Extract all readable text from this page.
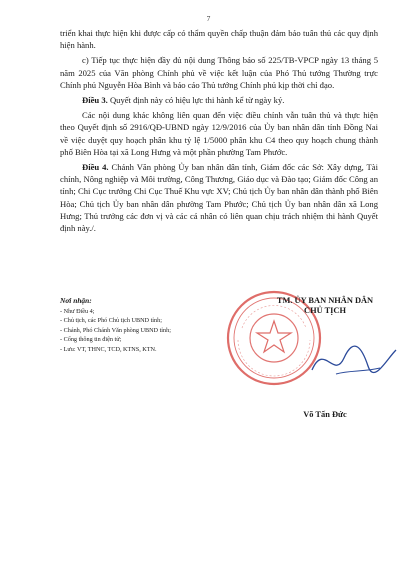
7

triển khai thực hiện khi được cấp có thẩm quyền chấp thuận đảm bảo tuân thủ các quy định hiện hành.

c) Tiếp tục thực hiện đầy đủ nội dung Thông báo số 225/TB-VPCP ngày 13 tháng 5 năm 2025 của Văn phòng Chính phủ về việc kết luận của Phó Thủ tướng Thường trực Chính phủ Nguyễn Hòa Bình và báo cáo Thủ tướng Chính phủ kịp thời chỉ đạo.

Điều 3. Quyết định này có hiệu lực thi hành kể từ ngày ký.

Các nội dung khác không liên quan đến việc điều chỉnh vẫn tuân thủ và thực hiện theo Quyết định số 2916/QĐ-UBND ngày 12/9/2016 của Ủy ban nhân dân tỉnh Đồng Nai về việc duyệt quy hoạch phân khu tỷ lệ 1/5000 phân khu C4 theo quy hoạch chung thành phố Biên Hòa tại xã Long Hưng và một phần phường Tam Phước.

Điều 4. Chánh Văn phòng Ủy ban nhân dân tỉnh, Giám đốc các Sở: Xây dựng, Tài chính, Nông nghiệp và Môi trường, Công Thương, Giáo dục và Đào tạo; Giám đốc Công an tỉnh; Chi Cục trưởng Chi Cục Thuế Khu vực XV; Chủ tịch Ủy ban nhân dân thành phố Biên Hòa; Chủ tịch Ủy ban nhân dân phường Tam Phước; Chủ tịch Ủy ban nhân dân xã Long Hưng; Thủ trưởng các đơn vị và các cá nhân có liên quan chịu trách nhiệm thi hành Quyết định này./.

Nơi nhận:
- Như Điều 4;
- Chủ tịch, các Phó Chủ tịch UBND tỉnh;
- Chánh, Phó Chánh Văn phòng UBND tỉnh;
- Cổng thông tin điện tử;
- Lưu: VT, THNC, TCD, KTNS, KTN.
TM. ỦY BAN NHÂN DÂN
CHỦ TỊCH
Võ Tấn Đức
